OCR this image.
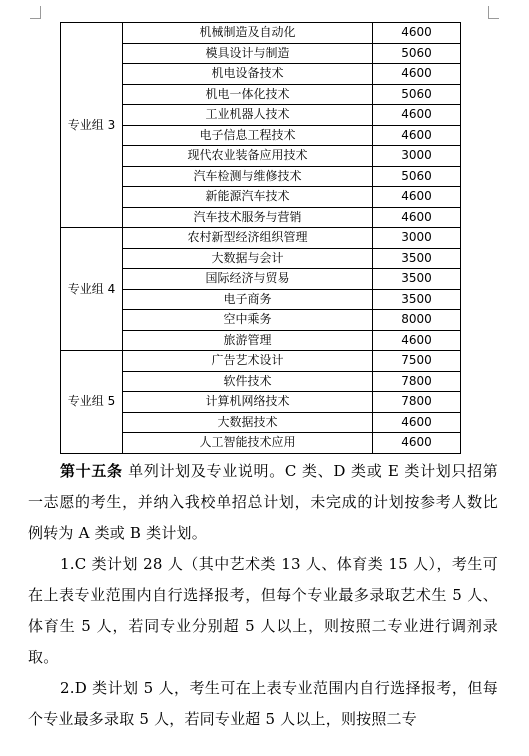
专业组 3	机械制造及自动化	4600
	模具设计与制造	5060
	机电设备技术	4600
	机电一体化技术	5060
	工业机器人技术	4600
	电子信息工程技术	4600
	现代农业装备应用技术	3000
	汽车检测与维修技术	5060
	新能源汽车技术	4600
	汽车技术服务与营销	4600
专业组 4	农村新型经济组织管理	3000
	大数据与会计	3500
	国际经济与贸易	3500
	电子商务	3500
	空中乘务	8000
	旅游管理	4600
专业组 5	广告艺术设计	7500
	软件技术	7800
	计算机网络技术	7800
	大数据技术	4600
	人工智能技术应用	4600

第十五条 单列计划及专业说明。C 类、D 类或 E 类计划只招第一志愿的考生，并纳入我校单招总计划，未完成的计划按参考人数比例转为 A 类或 B 类计划。

1.C 类计划 28 人（其中艺术类 13 人、体育类 15 人），考生可在上表专业范围内自行选择报考，但每个专业最多录取艺术生 5 人、体育生 5 人，若同专业分别超 5 人以上，则按照二专业进行调剂录取。

2.D 类计划 5 人，考生可在上表专业范围内自行选择报考，但每个专业最多录取 5 人，若同专业超 5 人以上，则按照二专
